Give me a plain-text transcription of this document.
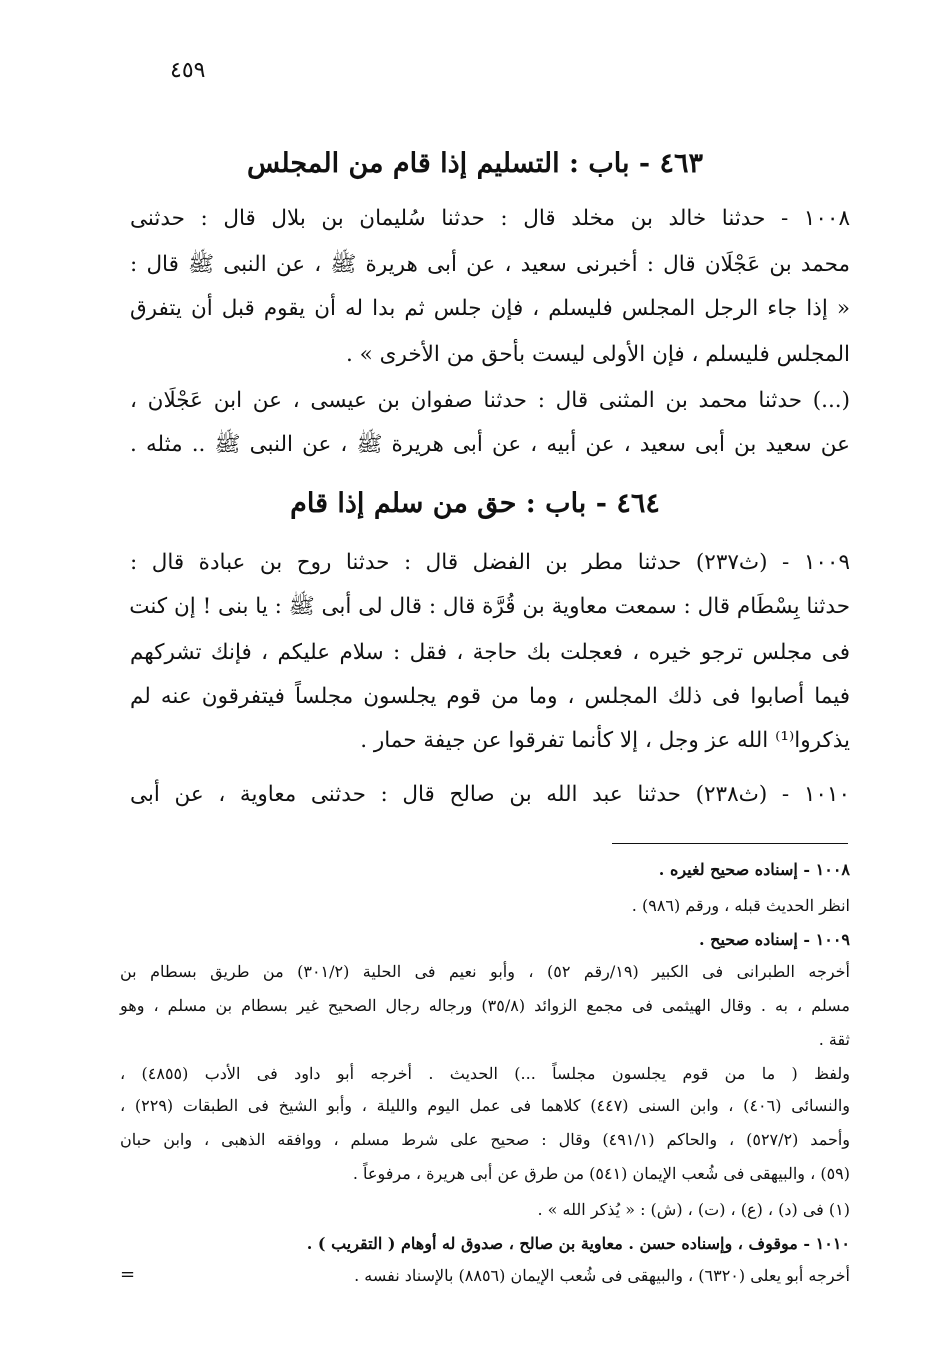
٤٥٩
٤٦٣ - باب : التسليم إذا قام من المجلس
١٠٠٨ - حدثنا خالد بن مخلد قال : حدثنا سُليمان بن بلال قال : حدثنى
محمد بن عَجْلَان قال : أخبرنى سعيد ، عن أبى هريرة ﷺ ، عن النبى ﷺ قال :
« إذا جاء الرجل المجلس فليسلم ، فإن جلس ثم بدا له أن يقوم قبل أن يتفرق
المجلس فليسلم ، فإن الأولى ليست بأحق من الأخرى » .
(...) حدثنا محمد بن المثنى قال : حدثنا صفوان بن عيسى ، عن ابن عَجْلَان ،
عن سعيد بن أبى سعيد ، عن أبيه ، عن أبى هريرة ﷺ ، عن النبى ﷺ .. مثله .
٤٦٤ - باب : حق من سلم إذا قام
١٠٠٩ - (ث٢٣٧) حدثنا مطر بن الفضل قال : حدثنا روح بن عبادة قال :
حدثنا بِسْطَام قال : سمعت معاوية بن قُرَّة قال : قال لى أبى ﷺ : يا بنى ! إن كنت
فى مجلس ترجو خيره ، فعجلت بك حاجة ، فقل : سلام عليكم ، فإنك تشركهم
فيما أصابوا فى ذلك المجلس ، وما من قوم يجلسون مجلساً فيتفرقون عنه لم
يذكروا⁽¹⁾ الله عز وجل ، إلا كأنما تفرقوا عن جيفة حمار .
١٠١٠ - (ث٢٣٨) حدثنا عبد الله بن صالح قال : حدثنى معاوية ، عن أبى
١٠٠٨ - إسناده صحيح لغيره .
انظر الحديث قبله ، ورقم (٩٨٦) .
١٠٠٩ - إسناده صحيح .
أخرجه الطبرانى فى الكبير (١٩/رقم ٥٢) ، وأبو نعيم فى الحلية (٣٠١/٢) من طريق بسطام بن
مسلم ، به . وقال الهيثمى فى مجمع الزوائد (٣٥/٨) ورجاله رجال الصحيح غير بسطام بن مسلم ، وهو
ثقة .
ولفظ ( ما من قوم يجلسون مجلساً ...) الحديث . أخرجه أبو داود فى الأدب (٤٨٥٥) ،
والنسائى (٤٠٦) ، وابن السنى (٤٤٧) كلاهما فى عمل اليوم والليلة ، وأبو الشيخ فى الطبقات (٢٢٩) ،
وأحمد (٥٢٧/٢) ، والحاكم (٤٩١/١) وقال : صحيح على شرط مسلم ، ووافقه الذهبى ، وابن حبان
(٥٩) ، والبيهقى فى شُعب الإيمان (٥٤١) من طرق عن أبى هريرة ، مرفوعاً .
(١) فى (د) ، (ع) ، (ت) ، (ش) : « يُذكر الله » .
١٠١٠ - موقوف ، وإسناده حسن . معاوية بن صالح ، صدوق له أوهام ( التقريب ) .
أخرجه أبو يعلى (٦٣٢٠) ، والبيهقى فى شُعب الإيمان (٨٨٥٦) بالإسناد نفسه .
=
